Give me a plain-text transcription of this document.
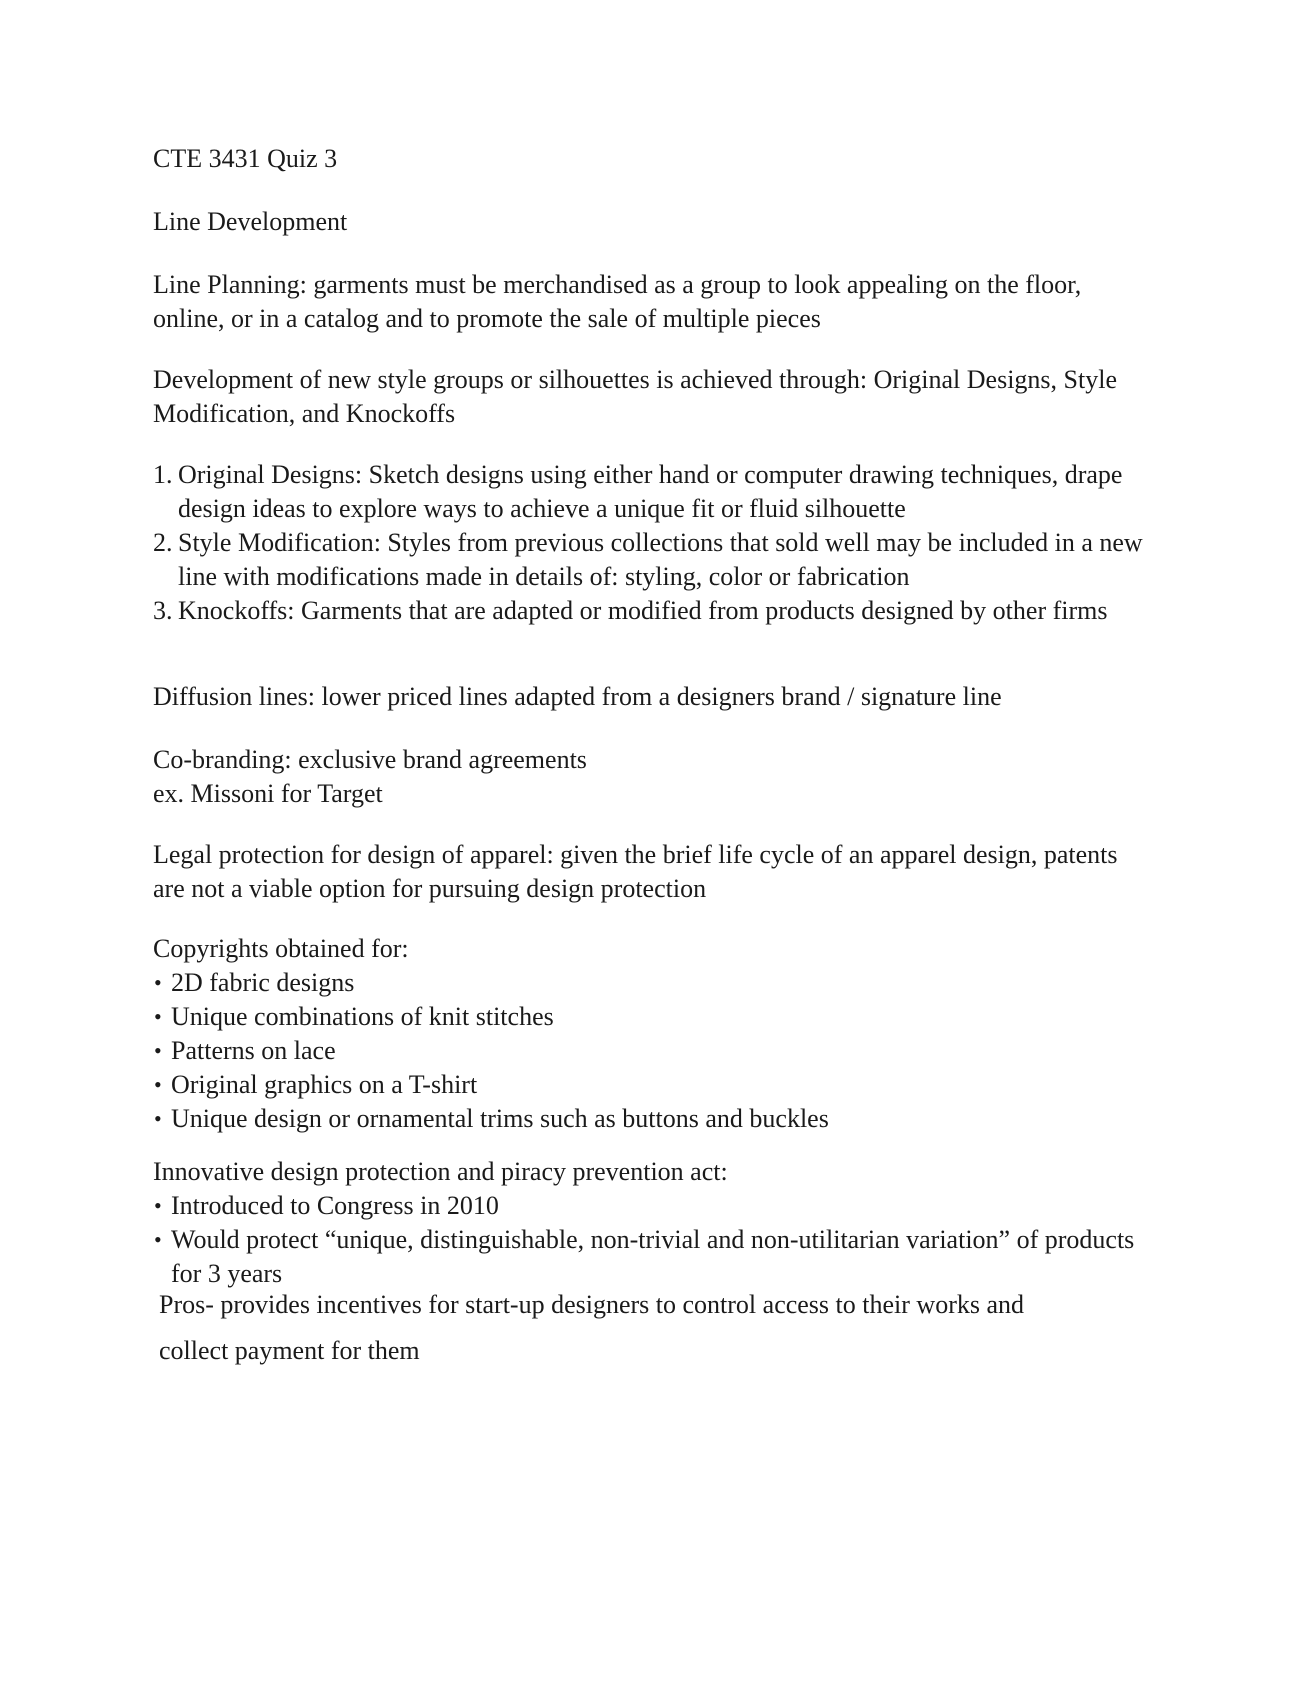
CTE 3431 Quiz 3

Line Development

Line Planning: garments must be merchandised as a group to look appealing on the floor, online, or in a catalog and to promote the sale of multiple pieces

Development of new style groups or silhouettes is achieved through: Original Designs, Style Modification, and Knockoffs

1. Original Designs: Sketch designs using either hand or computer drawing techniques, drape design ideas to explore ways to achieve a unique fit or fluid silhouette
2. Style Modification: Styles from previous collections that sold well may be included in a new line with modifications made in details of: styling, color or fabrication
3. Knockoffs: Garments that are adapted or modified from products designed by other firms

Diffusion lines: lower priced lines adapted from a designers brand / signature line

Co-branding: exclusive brand agreements

ex. Missoni for Target

Legal protection for design of apparel: given the brief life cycle of an apparel design, patents are not a viable option for pursuing design protection

Copyrights obtained for:

• 2D fabric designs
• Unique combinations of knit stitches
• Patterns on lace
• Original graphics on a T-shirt
• Unique design or ornamental trims such as buttons and buckles

Innovative design protection and piracy prevention act:

• Introduced to Congress in 2010
• Would protect “unique, distinguishable, non-trivial and non-utilitarian variation” of products for 3 years

Pros- provides incentives for start-up designers to control access to their works and collect payment for them
